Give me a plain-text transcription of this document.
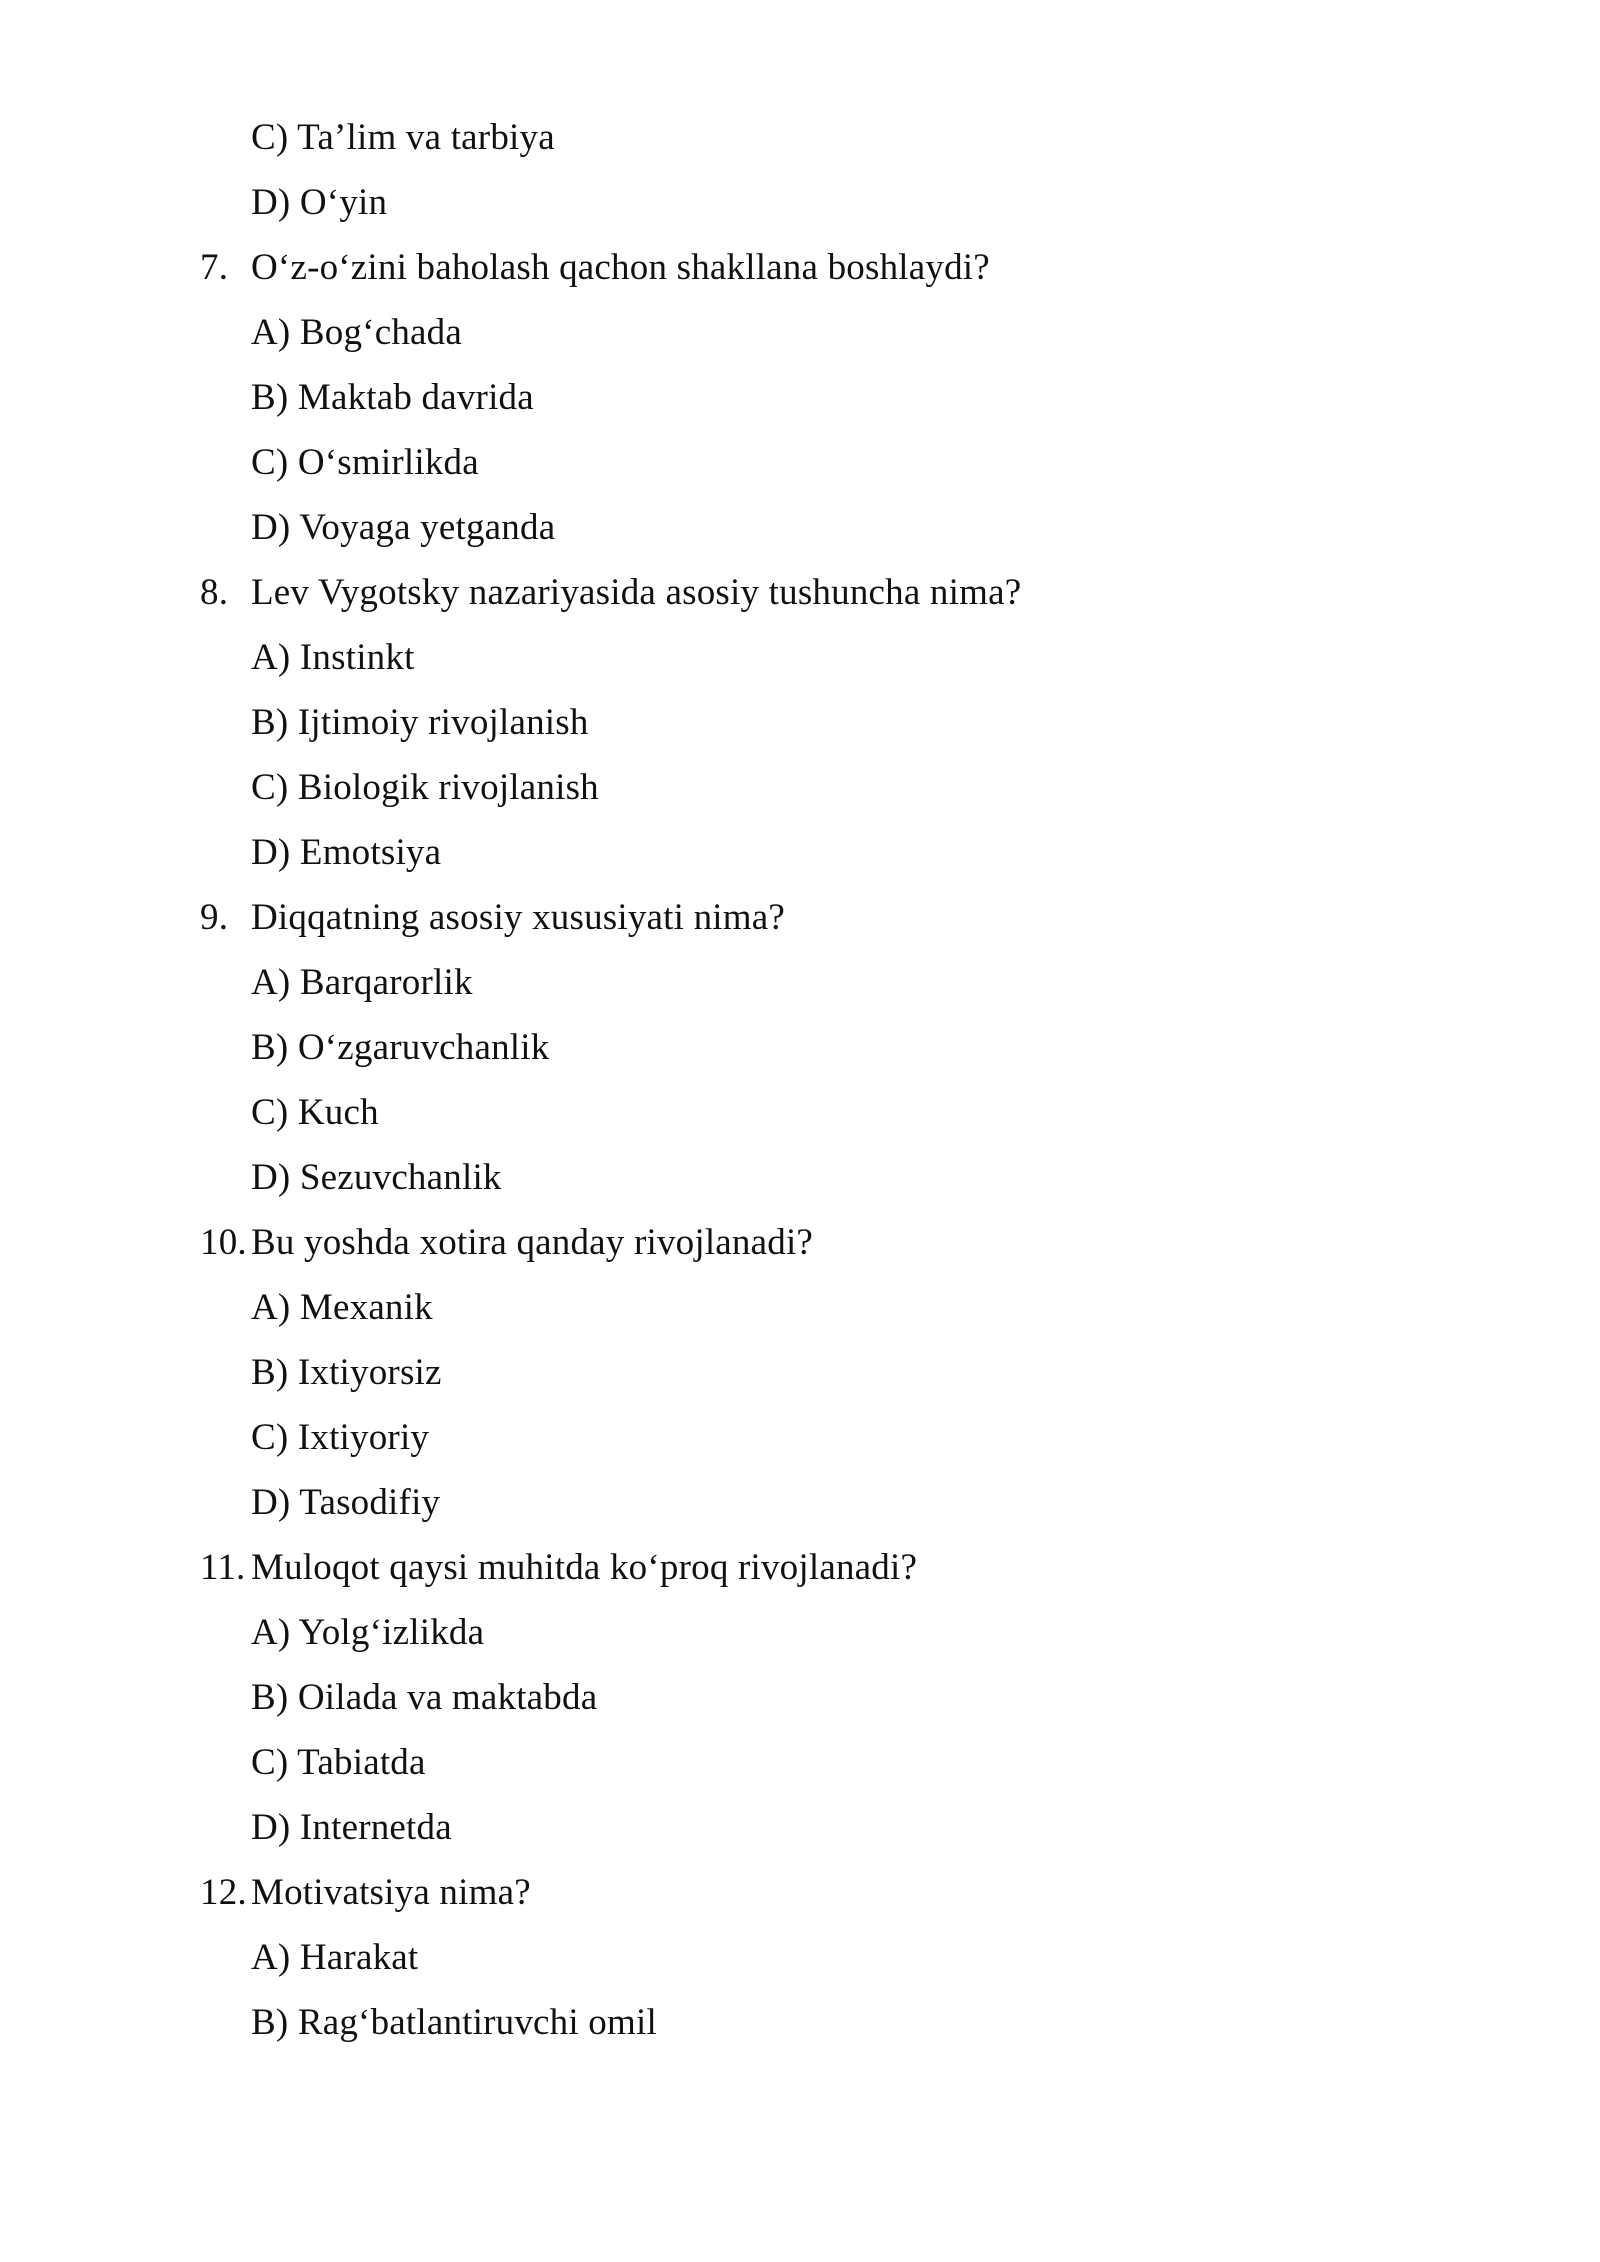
C) Ta’lim va tarbiya
D) O‘yin
7. O‘z-o‘zini baholash qachon shakllana boshlaydi?
A) Bog‘chada
B) Maktab davrida
C) O‘smirlikda
D) Voyaga yetganda
8. Lev Vygotsky nazariyasida asosiy tushuncha nima?
A) Instinkt
B) Ijtimoiy rivojlanish
C) Biologik rivojlanish
D) Emotsiya
9. Diqqatning asosiy xususiyati nima?
A) Barqarorlik
B) O‘zgaruvchanlik
C) Kuch
D) Sezuvchanlik
10. Bu yoshda xotira qanday rivojlanadi?
A) Mexanik
B) Ixtiyorsiz
C) Ixtiyoriy
D) Tasodifiy
11. Muloqot qaysi muhitda ko‘proq rivojlanadi?
A) Yolg‘izlikda
B) Oilada va maktabda
C) Tabiatda
D) Internetda
12. Motivatsiya nima?
A) Harakat
B) Rag‘batlantiruvchi omil
